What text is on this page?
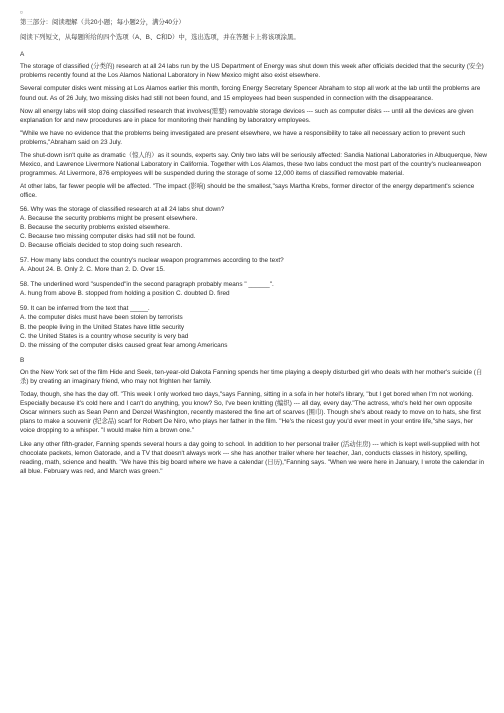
¤

第三部分：阅读理解（共20小题；每小题2分，满分40分）

阅读下列短文，从每题所给的四个选项（A、B、C和D）中，选出选项，并在答题卡上将该项涂黑。

A

The storage of classified (分类的) research at all 24 labs run by the US Department of Energy was shut down this week after officials decided that the security (安全) problems recently found at the Los Alamos National Laboratory in New Mexico might also exist elsewhere.

Several computer disks went missing at Los Alamos earlier this month, forcing Energy Secretary Spencer Abraham to stop all work at the lab until the problems are found out. As of 26 July, two missing disks had still not been found, and 15 employees had been suspended in connection with the disappearance.

Now all energy labs will stop doing classified research that involves(需要) removable storage devices --- such as computer disks --- until all the devices are given explanation for and new procedures are in place for monitoring their handling by laboratory employees.

"While we have no evidence that the problems being investigated are present elsewhere, we have a responsibility to take all necessary action to prevent such problems,"Abraham said on 23 July.

The shut-down isn't quite as dramatic（惊人的）as it sounds, experts say. Only two labs will be seriously affected: Sandia National Laboratories in Albuquerque, New Mexico, and Lawrence Livermore National Laboratory in California. Together with Los Alamos, these two labs conduct the most part of the country's nuclearweapon programmes. At Livermore, 876 employees will be suspended during the storage of some 12,000 items of classified removable material.

At other labs, far fewer people will be affected. "The impact (影响) should be the smallest,"says Martha Krebs, former director of the energy department's science office.

56. Why was the storage of classified research at all 24 labs shut down?
A. Because the security problems might be present elsewhere.
B. Because the security problems existed elsewhere.
C. Because two missing computer disks had still not be found.
D. Because officials decided to stop doing such research.
57. How many labs conduct the country's nuclear weapon programmes according to the text?
A. About 24. B. Only 2. C. More than 2. D. Over 15.
58. The underlined word "suspended"in the second paragraph probably means " ______".
A. hung from above B. stopped from holding a position C. doubted D. fired
59. It can be inferred from the text that _____.
A. the computer disks must have been stolen by terrorists
B. the people living in the United States have little security
C. the United States is a country whose security is very bad
D. the missing of the computer disks caused great fear among Americans

B

On the New York set of the film Hide and Seek, ten-year-old Dakota Fanning spends her time playing a deeply disturbed girl who deals with her mother's suicide (自杀) by creating an imaginary friend, who may not frighten her family.

Today, though, she has the day off. "This week I only worked two days,"says Fanning, sitting in a sofa in her hotel's library, "but I get bored when I'm not working. Especially because it's cold here and I can't do anything, you know? So, I've been knitting (编织) --- all day, every day."The actress, who's held her own opposite Oscar winners such as Sean Penn and Denzel Washington, recently mastered the fine art of scarves (围巾). Though she's about ready to move on to hats, she first plans to make a souvenir (纪念品) scarf for Robert De Niro, who plays her father in the film. "He's the nicest guy you'd ever meet in your entire life,"she says, her voice dropping to a whisper. "I would make him a brown one."

Like any other fifth-grader, Fanning spends several hours a day going to school. In addition to her personal trailer (活动住房) --- which is kept well-supplied with hot chocolate packets, lemon Gatorade, and a TV that doesn't always work --- she has another trailer where her teacher, Jan, conducts classes in history, spelling, reading, math, science and health. "We have this big board where we have a calendar (日历),"Fanning says. "When we were here in January, I wrote the calendar in all blue. February was red, and March was green."
